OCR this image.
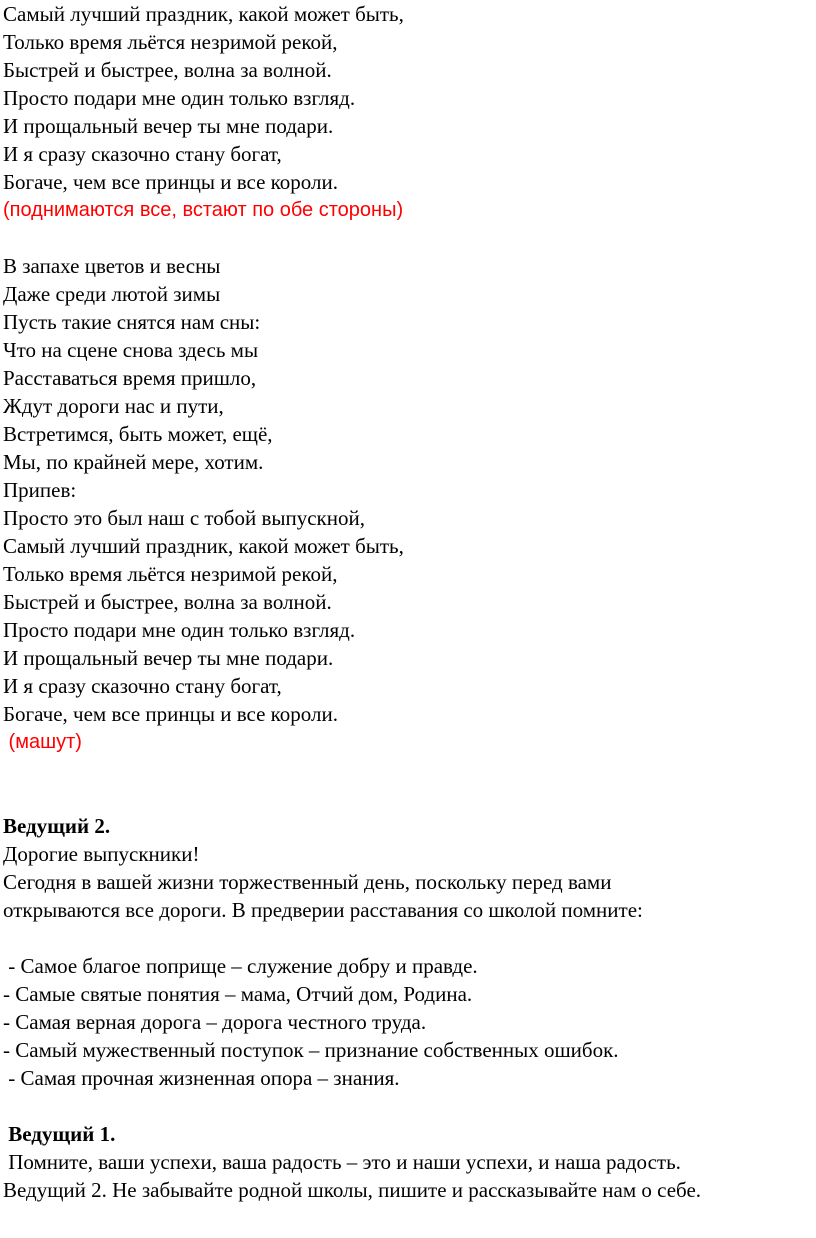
Самый лучший праздник, какой может быть,
Только время льётся незримой рекой,
Быстрей и быстрее, волна за волной.
Просто подари мне один только взгляд.
И прощальный вечер ты мне подари.
И я сразу сказочно стану богат,
Богаче, чем все принцы и все короли.
(поднимаются все, встают по обе стороны)
В запахе цветов и весны
Даже среди лютой зимы
Пусть такие снятся нам сны:
Что на сцене снова здесь мы
Расставаться время пришло,
Ждут дороги нас и пути,
Встретимся, быть может, ещё,
Мы, по крайней мере, хотим.
Припев:
Просто это был наш с тобой выпускной,
Самый лучший праздник, какой может быть,
Только время льётся незримой рекой,
Быстрей и быстрее, волна за волной.
Просто подари мне один только взгляд.
И прощальный вечер ты мне подари.
И я сразу сказочно стану богат,
Богаче, чем все принцы и все короли.
(машут)
Ведущий 2.
Дорогие выпускники!
Сегодня в вашей жизни торжественный день, поскольку перед вами
открываются все дороги. В предверии расставания со школой помните:
- Самое благое поприще – служение добру и правде.
- Самые святые понятия – мама, Отчий дом, Родина.
- Самая верная дорога – дорога честного труда.
- Самый мужественный поступок – признание собственных ошибок.
- Самая прочная жизненная опора – знания.
Ведущий 1.
Помните, ваши успехи, ваша радость – это и наши успехи, и наша радость.
Ведущий 2. Не забывайте родной школы, пишите и рассказывайте нам о себе.
